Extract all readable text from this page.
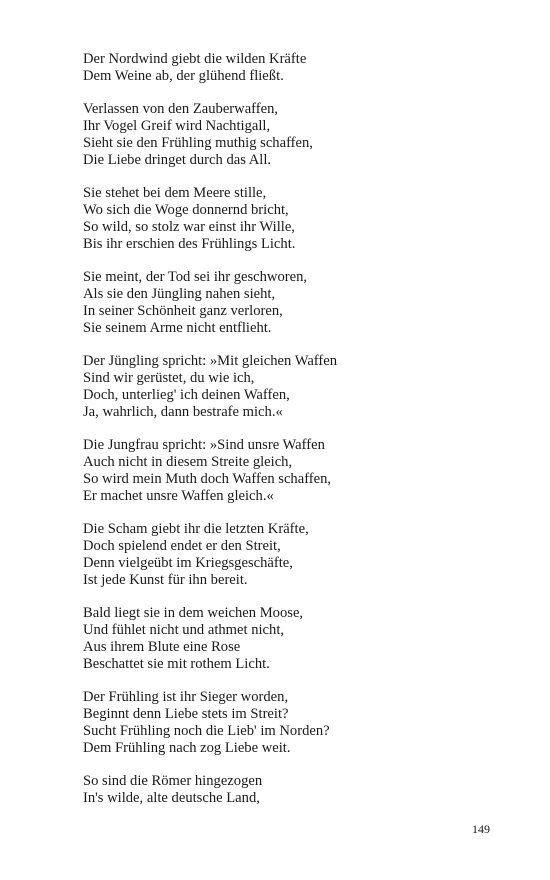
Der Nordwind giebt die wilden Kräfte
Dem Weine ab, der glühend fließt.
Verlassen von den Zauberwaffen,
Ihr Vogel Greif wird Nachtigall,
Sieht sie den Frühling muthig schaffen,
Die Liebe dringet durch das All.
Sie stehet bei dem Meere stille,
Wo sich die Woge donnernd bricht,
So wild, so stolz war einst ihr Wille,
Bis ihr erschien des Frühlings Licht.
Sie meint, der Tod sei ihr geschworen,
Als sie den Jüngling nahen sieht,
In seiner Schönheit ganz verloren,
Sie seinem Arme nicht entflieht.
Der Jüngling spricht: »Mit gleichen Waffen
Sind wir gerüstet, du wie ich,
Doch, unterlieg' ich deinen Waffen,
Ja, wahrlich, dann bestrafe mich.«
Die Jungfrau spricht: »Sind unsre Waffen
Auch nicht in diesem Streite gleich,
So wird mein Muth doch Waffen schaffen,
Er machet unsre Waffen gleich.«
Die Scham giebt ihr die letzten Kräfte,
Doch spielend endet er den Streit,
Denn vielgeübt im Kriegsgeschäfte,
Ist jede Kunst für ihn bereit.
Bald liegt sie in dem weichen Moose,
Und fühlet nicht und athmet nicht,
Aus ihrem Blute eine Rose
Beschattet sie mit rothem Licht.
Der Frühling ist ihr Sieger worden,
Beginnt denn Liebe stets im Streit?
Sucht Frühling noch die Lieb' im Norden?
Dem Frühling nach zog Liebe weit.
So sind die Römer hingezogen
In's wilde, alte deutsche Land,
149
